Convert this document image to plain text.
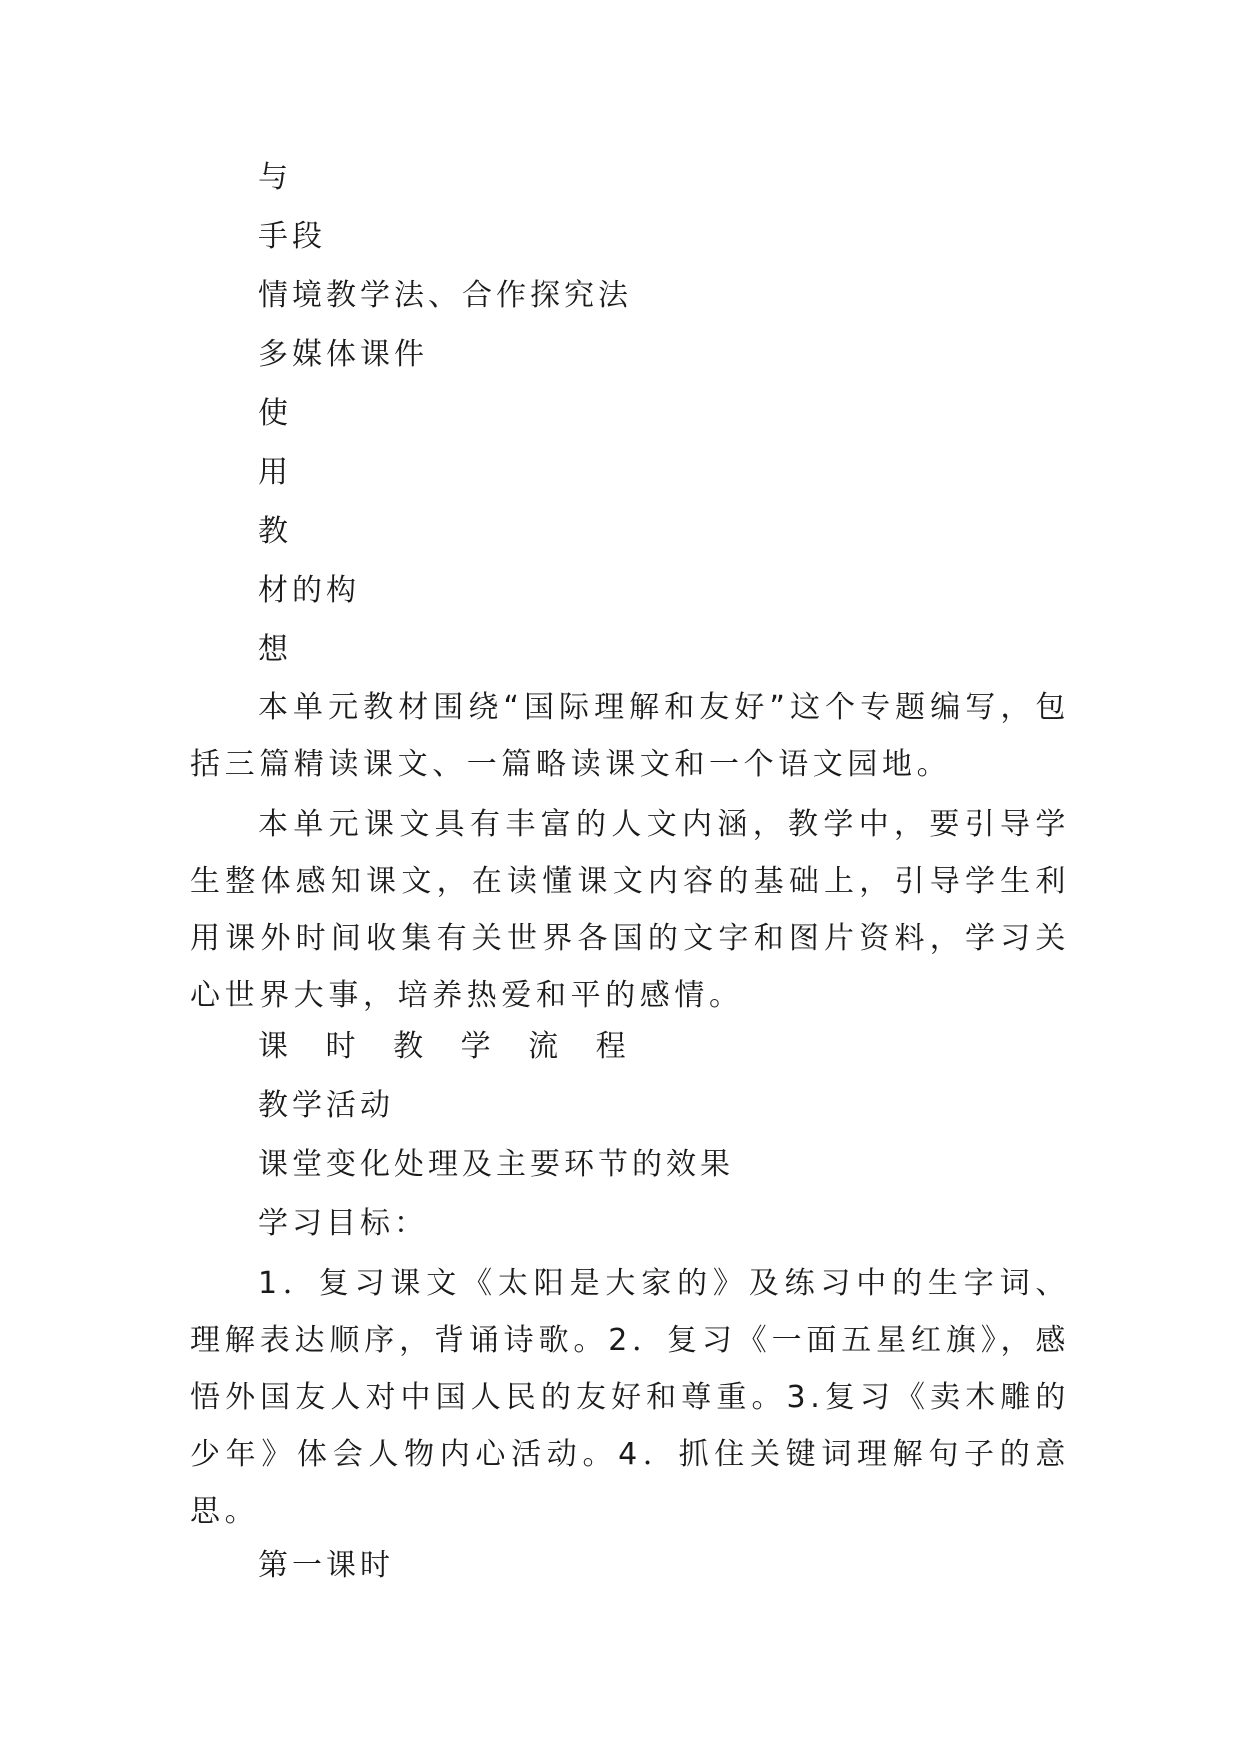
与

手段

情境教学法、合作探究法

多媒体课件

使

用

教

材的构

想

本单元教材围绕“国际理解和友好”这个专题编写，包括三篇精读课文、一篇略读课文和一个语文园地。

本单元课文具有丰富的人文内涵，教学中，要引导学生整体感知课文，在读懂课文内容的基础上，引导学生利用课外时间收集有关世界各国的文字和图片资料，学习关心世界大事，培养热爱和平的感情。

课 时 教 学 流 程

教学活动

课堂变化处理及主要环节的效果

学习目标：

1．复习课文《太阳是大家的》及练习中的生字词、理解表达顺序，背诵诗歌。2．复习《一面五星红旗》，感悟外国友人对中国人民的友好和尊重。3.复习《卖木雕的少年》体会人物内心活动。4．抓住关键词理解句子的意思。

第一课时
